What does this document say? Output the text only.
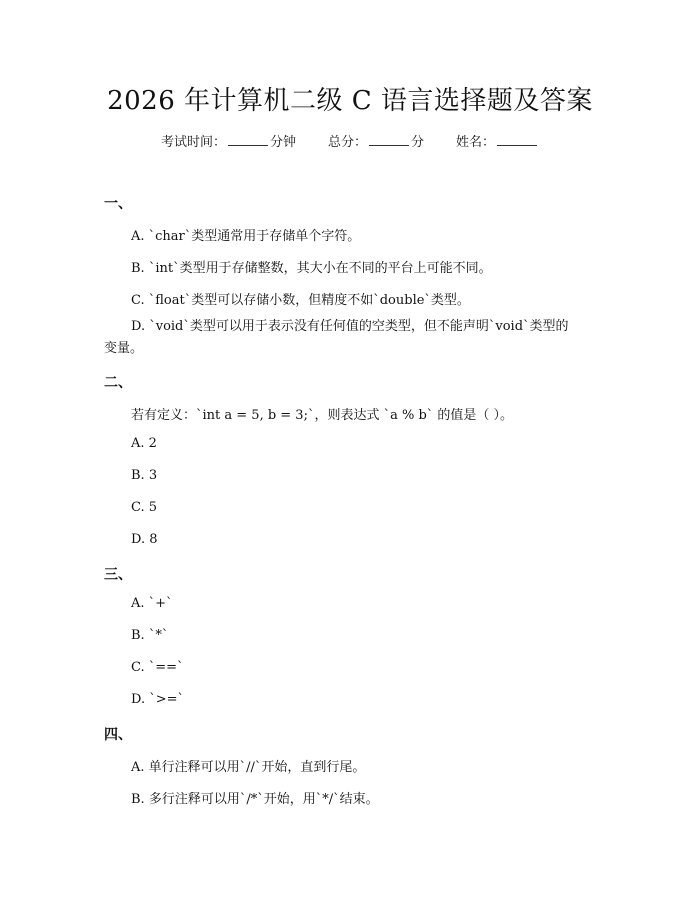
2026 年计算机二级 C 语言选择题及答案
考试时间：	分钟 总分：	分 姓名：
一、
A. `char`类型通常用于存储单个字符。
B. `int`类型用于存储整数，其大小在不同的平台上可能不同。
C. `float`类型可以存储小数，但精度不如`double`类型。
D. `void`类型可以用于表示没有任何值的空类型，但不能声明`void`类型的变量。
二、
若有定义：`int a = 5, b = 3;`，则表达式 `a % b` 的值是（ ）。
A. 2
B. 3
C. 5
D. 8
三、
A. `+`
B. `*`
C. `==`
D. `>=`
四、
A. 单行注释可以用`//`开始，直到行尾。
B. 多行注释可以用`/*`开始，用`*/`结束。
